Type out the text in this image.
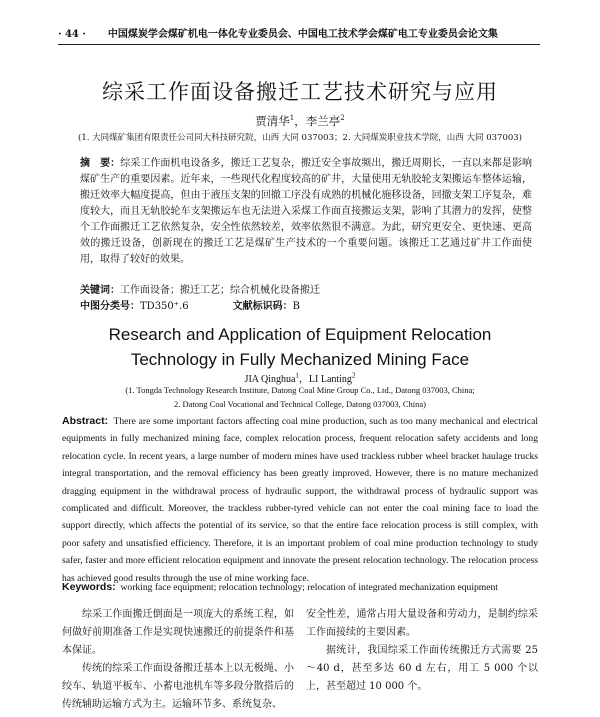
· 44 · 中国煤炭学会煤矿机电一体化专业委员会、中国电工技术学会煤矿电工专业委员会论文集
综采工作面设备搬迁工艺技术研究与应用
贾清华$^1$，李兰亭$^2$
(1. 大同煤矿集团有限责任公司同大科技研究院，山西 大同 037003；2. 大同煤炭职业技术学院，山西 大同 037003)
摘　要：综采工作面机电设备多，搬迁工艺复杂，搬迁安全事故频出，搬迁周期长，一直以来都是影响煤矿生产的重要因素。近年来，一些现代化程度较高的矿井，大量使用无轨胶轮支架搬运车整体运输，搬迁效率大幅度提高，但由于液压支架的回撤工序没有成熟的机械化施移设备，回撤支架工序复杂，难度较大，而且无轨胶轮车支架搬运车也无法进入采煤工作面直接搬运支架，影响了其潜力的发挥，使整个工作面搬迁工艺依然复杂，安全性依然较差，效率依然很不满意。为此，研究更安全、更快速、更高效的搬迁设备，创新现在的搬迁工艺是煤矿生产技术的一个重要问题。该搬迁工艺通过矿井工作面使用，取得了较好的效果。
关键词：工作面设备；搬迁工艺；综合机械化设备搬迁
中图分类号：TD350⁺.6	文献标识码：B
Research and Application of Equipment Relocation Technology in Fully Mechanized Mining Face
JIA Qinghua$^1$，LI Lanting$^2$
(1. Tongda Technology Research Institute, Datong Coal Mine Group Co., Ltd., Datong 037003, China;
2. Datong Coal Vocational and Technical College, Datong 037003, China)
Abstract: There are some important factors affecting coal mine production, such as too many mechanical and electrical equipments in fully mechanized mining face, complex relocation process, frequent relocation safety accidents and long relocation cycle. In recent years, a large number of modern mines have used trackless rubber wheel bracket haulage trucks integral transportation, and the removal efficiency has been greatly improved. However, there is no mature mechanized dragging equipment in the withdrawal process of hydraulic support, the withdrawal process of hydraulic support was complicated and difficult. Moreover, the trackless rubber-tyred vehicle can not enter the coal mining face to load the support directly, which affects the potential of its service, so that the entire face relocation process is still complex, with poor safety and unsatisfied efficiency. Therefore, it is an important problem of coal mine production technology to study safer, faster and more efficient relocation equipment and innovate the present relocation technology. The relocation process has achieved good results through the use of mine working face.
Keywords: working face equipment; relocation technology; relocation of integrated mechanization equipment

综采工作面搬迁倒面是一项庞大的系统工程，如何做好前期准备工作是实现快速搬迁的前提条件和基本保证。

传统的综采工作面设备搬迁基本上以无极绳、小绞车、轨道平板车、小蓄电池机车等多段分散搭后的传统辅助运输方式为主。运输环节多、系统复杂、

安全性差，通常占用大量设备和劳动力，是制约综采工作面接续的主要因素。

据统计，我国综采工作面传统搬迁方式需要 25～40 d，甚至多达 60 d 左右，用工 5 000 个以上，甚至超过 10 000 个。
